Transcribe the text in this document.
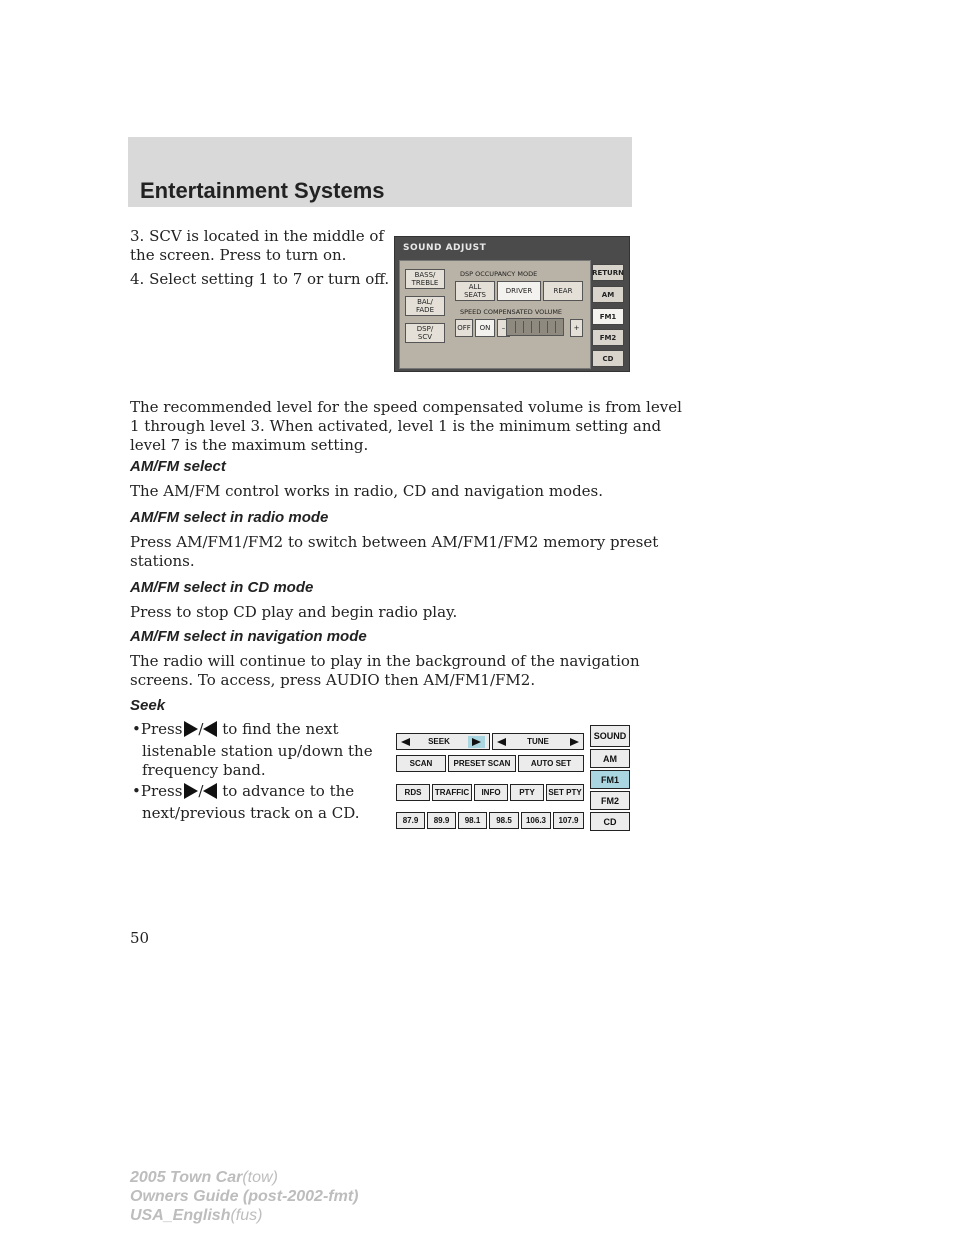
Entertainment Systems
3. SCV is located in the middle of
the screen. Press to turn on.
4. Select setting 1 to 7 or turn off.
SOUND ADJUST
BASS/
TREBLE
BAL/
FADE
DSP/
SCV
DSP OCCUPANCY MODE
ALL
SEATS	DRIVER	REAR
SPEED COMPENSATED VOLUME
OFF	ON	–	+
RETURN
AM
FM1
FM2
CD
The recommended level for the speed compensated volume is from level
1 through level 3. When activated, level 1 is the minimum setting and
level 7 is the maximum setting.
AM/FM select
The AM/FM control works in radio, CD and navigation modes.
AM/FM select in radio mode
Press AM/FM1/FM2 to switch between AM/FM1/FM2 memory preset
stations.
AM/FM select in CD mode
Press to stop CD play and begin radio play.
AM/FM select in navigation mode
The radio will continue to play in the background of the navigation
screens. To access, press AUDIO then AM/FM1/FM2.
Seek
•Press / to find the next
listenable station up/down the
frequency band.
•Press / to advance to the
next/previous track on a CD.
SEEK	TUNE
SCAN	PRESET SCAN	AUTO SET
RDS	TRAFFIC	INFO	PTY	SET PTY
87.9	89.9	98.1	98.5	106.3	107.9
SOUND
AM
FM1
FM2
CD
50
2005 Town Car(tow)
Owners Guide (post-2002-fmt)
USA_English(fus)
